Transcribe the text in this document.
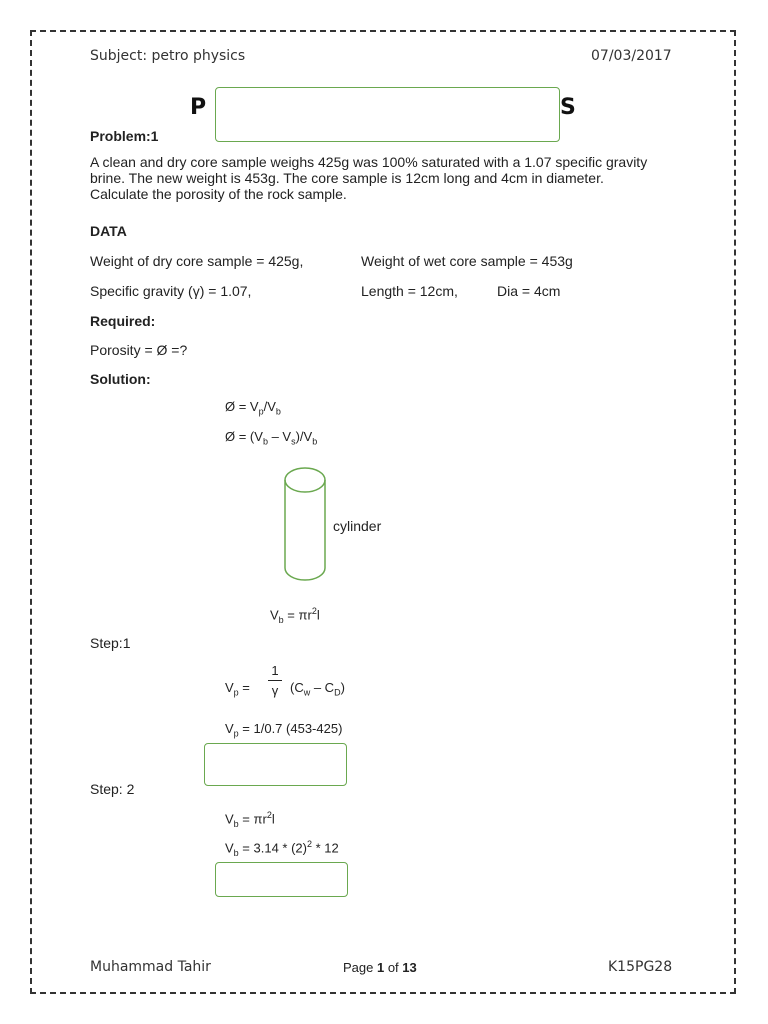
Subject: petro physics	07/03/2017
P	S
Problem:1
A clean and dry core sample weighs 425g was 100% saturated with a 1.07 specific gravity brine. The new weight is 453g. The core sample is 12cm long and 4cm in diameter. Calculate the porosity of the rock sample.
DATA
Weight of dry core sample = 425g,	Weight of wet core sample = 453g
Specific gravity (γ) = 1.07,	Length = 12cm,	Dia = 4cm
Required:
Porosity = Ø =?
Solution:
Ø = $V_p/V_b$
Ø = $(V_b - V_s)/V_b$
cylinder
$V_b = \pi r^2l$
Step:1
$V_p$ =
1
γ $(C_w - C_D)$
$V_p = 1/0.7$ (453-425)
Step: 2
$V_b = \pi r^2l$
$V_b = 3.14 * (2)^2 * 12$
Muhammad Tahir	Page 1 of 13	K15PG28
